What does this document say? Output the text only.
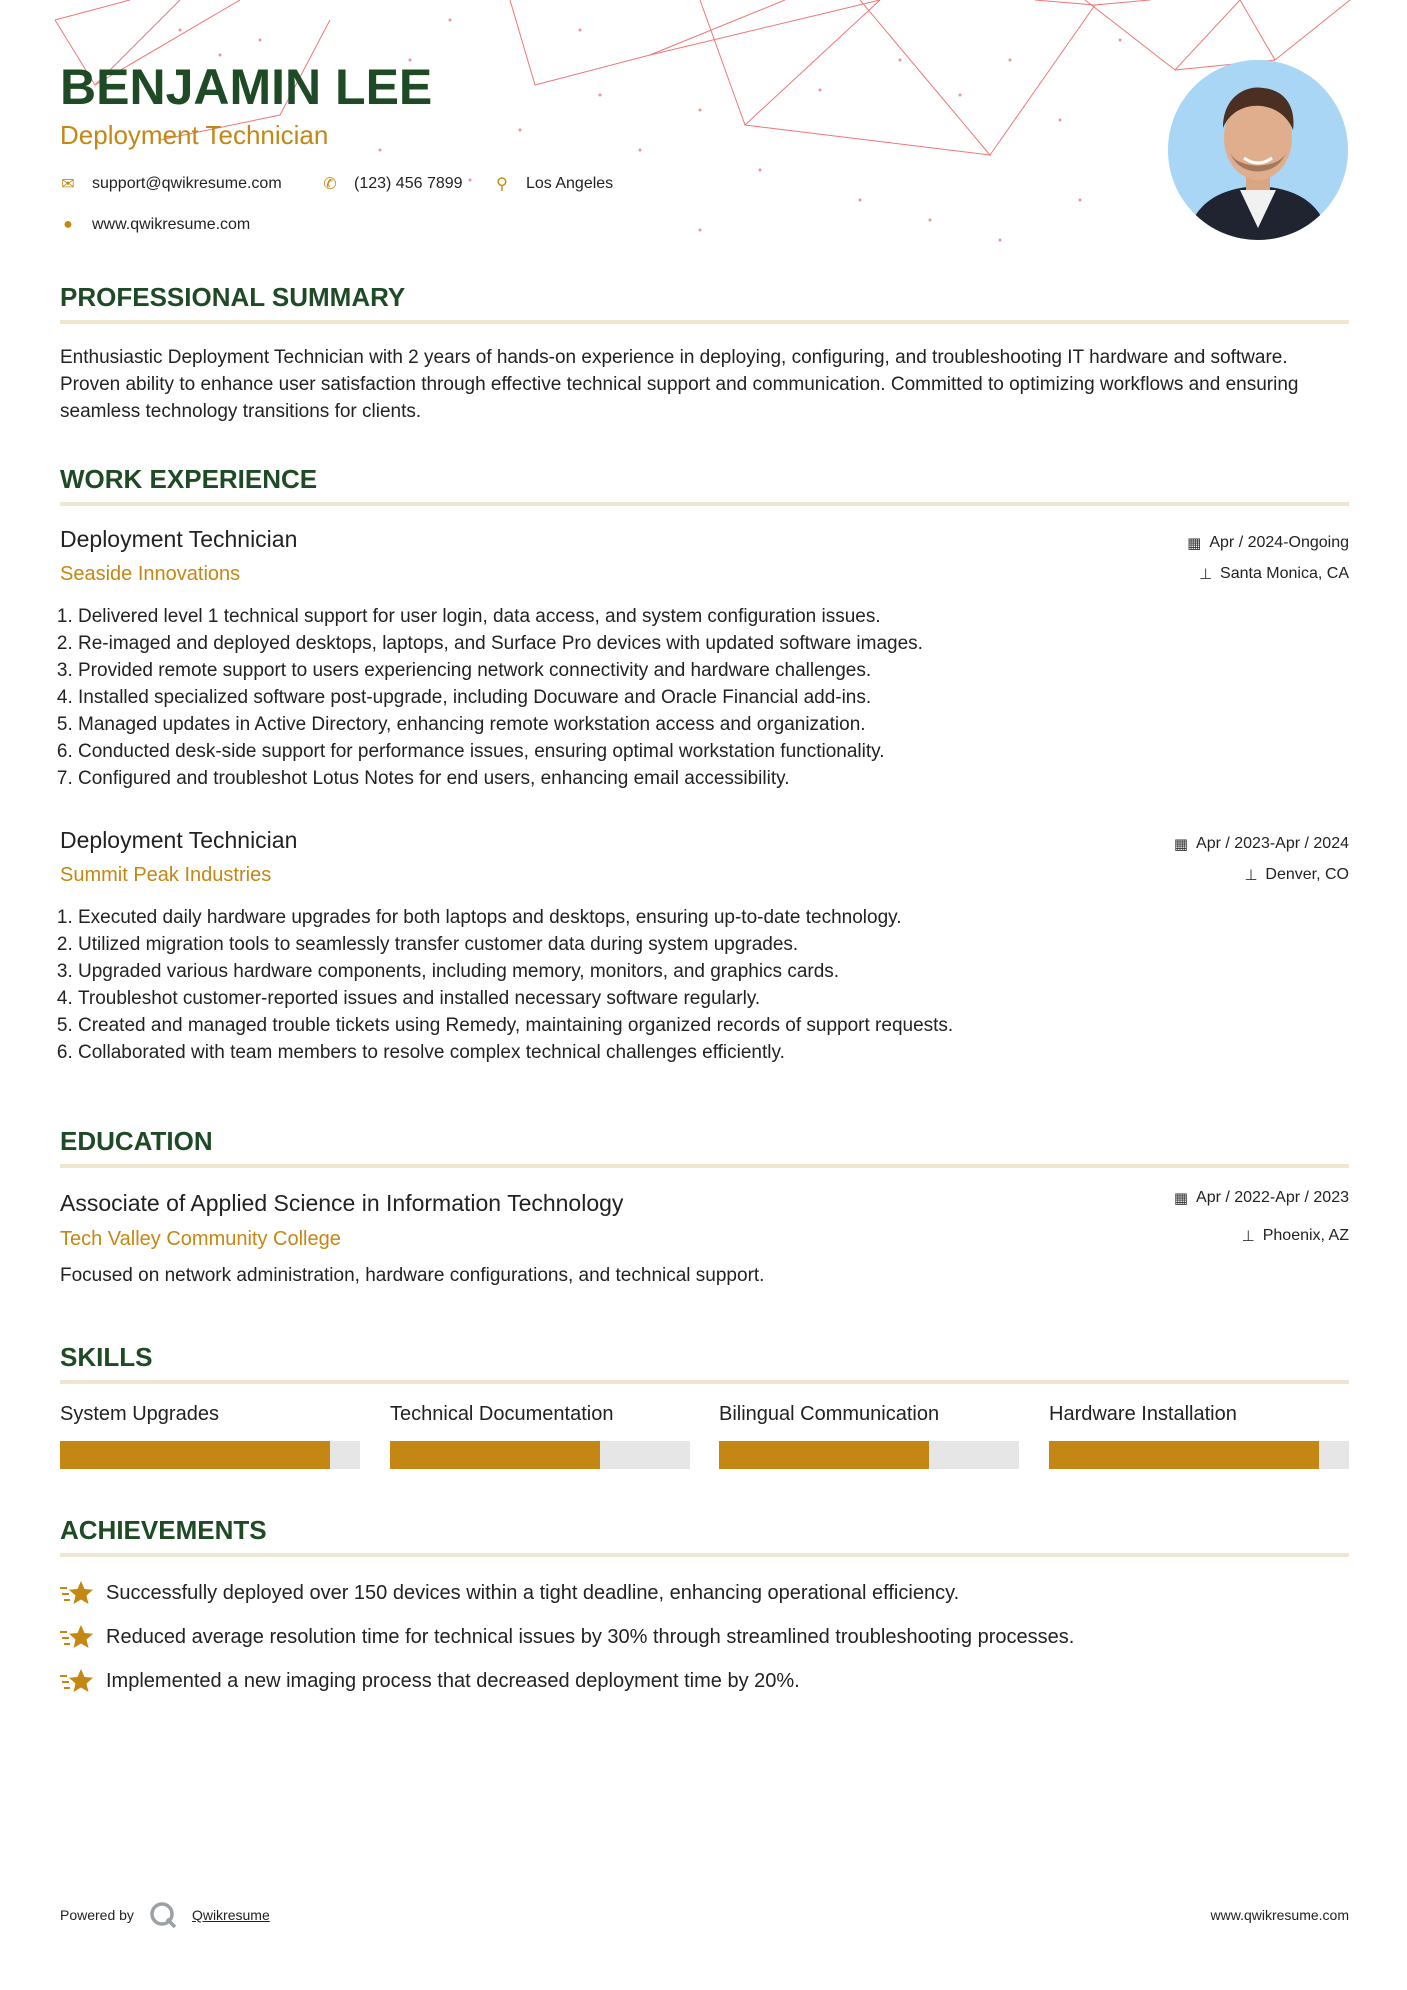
BENJAMIN LEE
Deployment Technician
✉ support@qwikresume.com	✆ (123) 456 7899 ⚲ Los Angeles
● www.qwikresume.com
PROFESSIONAL SUMMARY
Enthusiastic Deployment Technician with 2 years of hands-on experience in deploying, configuring, and troubleshooting IT hardware and software. Proven ability to enhance user satisfaction through effective technical support and communication. Committed to optimizing workflows and ensuring seamless technology transitions for clients.
WORK EXPERIENCE
Deployment Technician
Seaside Innovations
▦ Apr / 2024-Ongoing
⊥ Santa Monica, CA
1. Delivered level 1 technical support for user login, data access, and system configuration issues.
2. Re-imaged and deployed desktops, laptops, and Surface Pro devices with updated software images.
3. Provided remote support to users experiencing network connectivity and hardware challenges.
4. Installed specialized software post-upgrade, including Docuware and Oracle Financial add-ins.
5. Managed updates in Active Directory, enhancing remote workstation access and organization.
6. Conducted desk-side support for performance issues, ensuring optimal workstation functionality.
7. Configured and troubleshot Lotus Notes for end users, enhancing email accessibility.
Deployment Technician
Summit Peak Industries
▦ Apr / 2023-Apr / 2024
⊥ Denver, CO
1. Executed daily hardware upgrades for both laptops and desktops, ensuring up-to-date technology.
2. Utilized migration tools to seamlessly transfer customer data during system upgrades.
3. Upgraded various hardware components, including memory, monitors, and graphics cards.
4. Troubleshot customer-reported issues and installed necessary software regularly.
5. Created and managed trouble tickets using Remedy, maintaining organized records of support requests.
6. Collaborated with team members to resolve complex technical challenges efficiently.
EDUCATION
Associate of Applied Science in Information Technology
Tech Valley Community College
▦ Apr / 2022-Apr / 2023
⊥ Phoenix, AZ
Focused on network administration, hardware configurations, and technical support.
SKILLS
System Upgrades	Technical Documentation	Bilingual Communication	Hardware Installation
ACHIEVEMENTS
Successfully deployed over 150 devices within a tight deadline, enhancing operational efficiency.
Reduced average resolution time for technical issues by 30% through streamlined troubleshooting processes.
Implemented a new imaging process that decreased deployment time by 20%.
Powered by	Qwikresume	www.qwikresume.com
